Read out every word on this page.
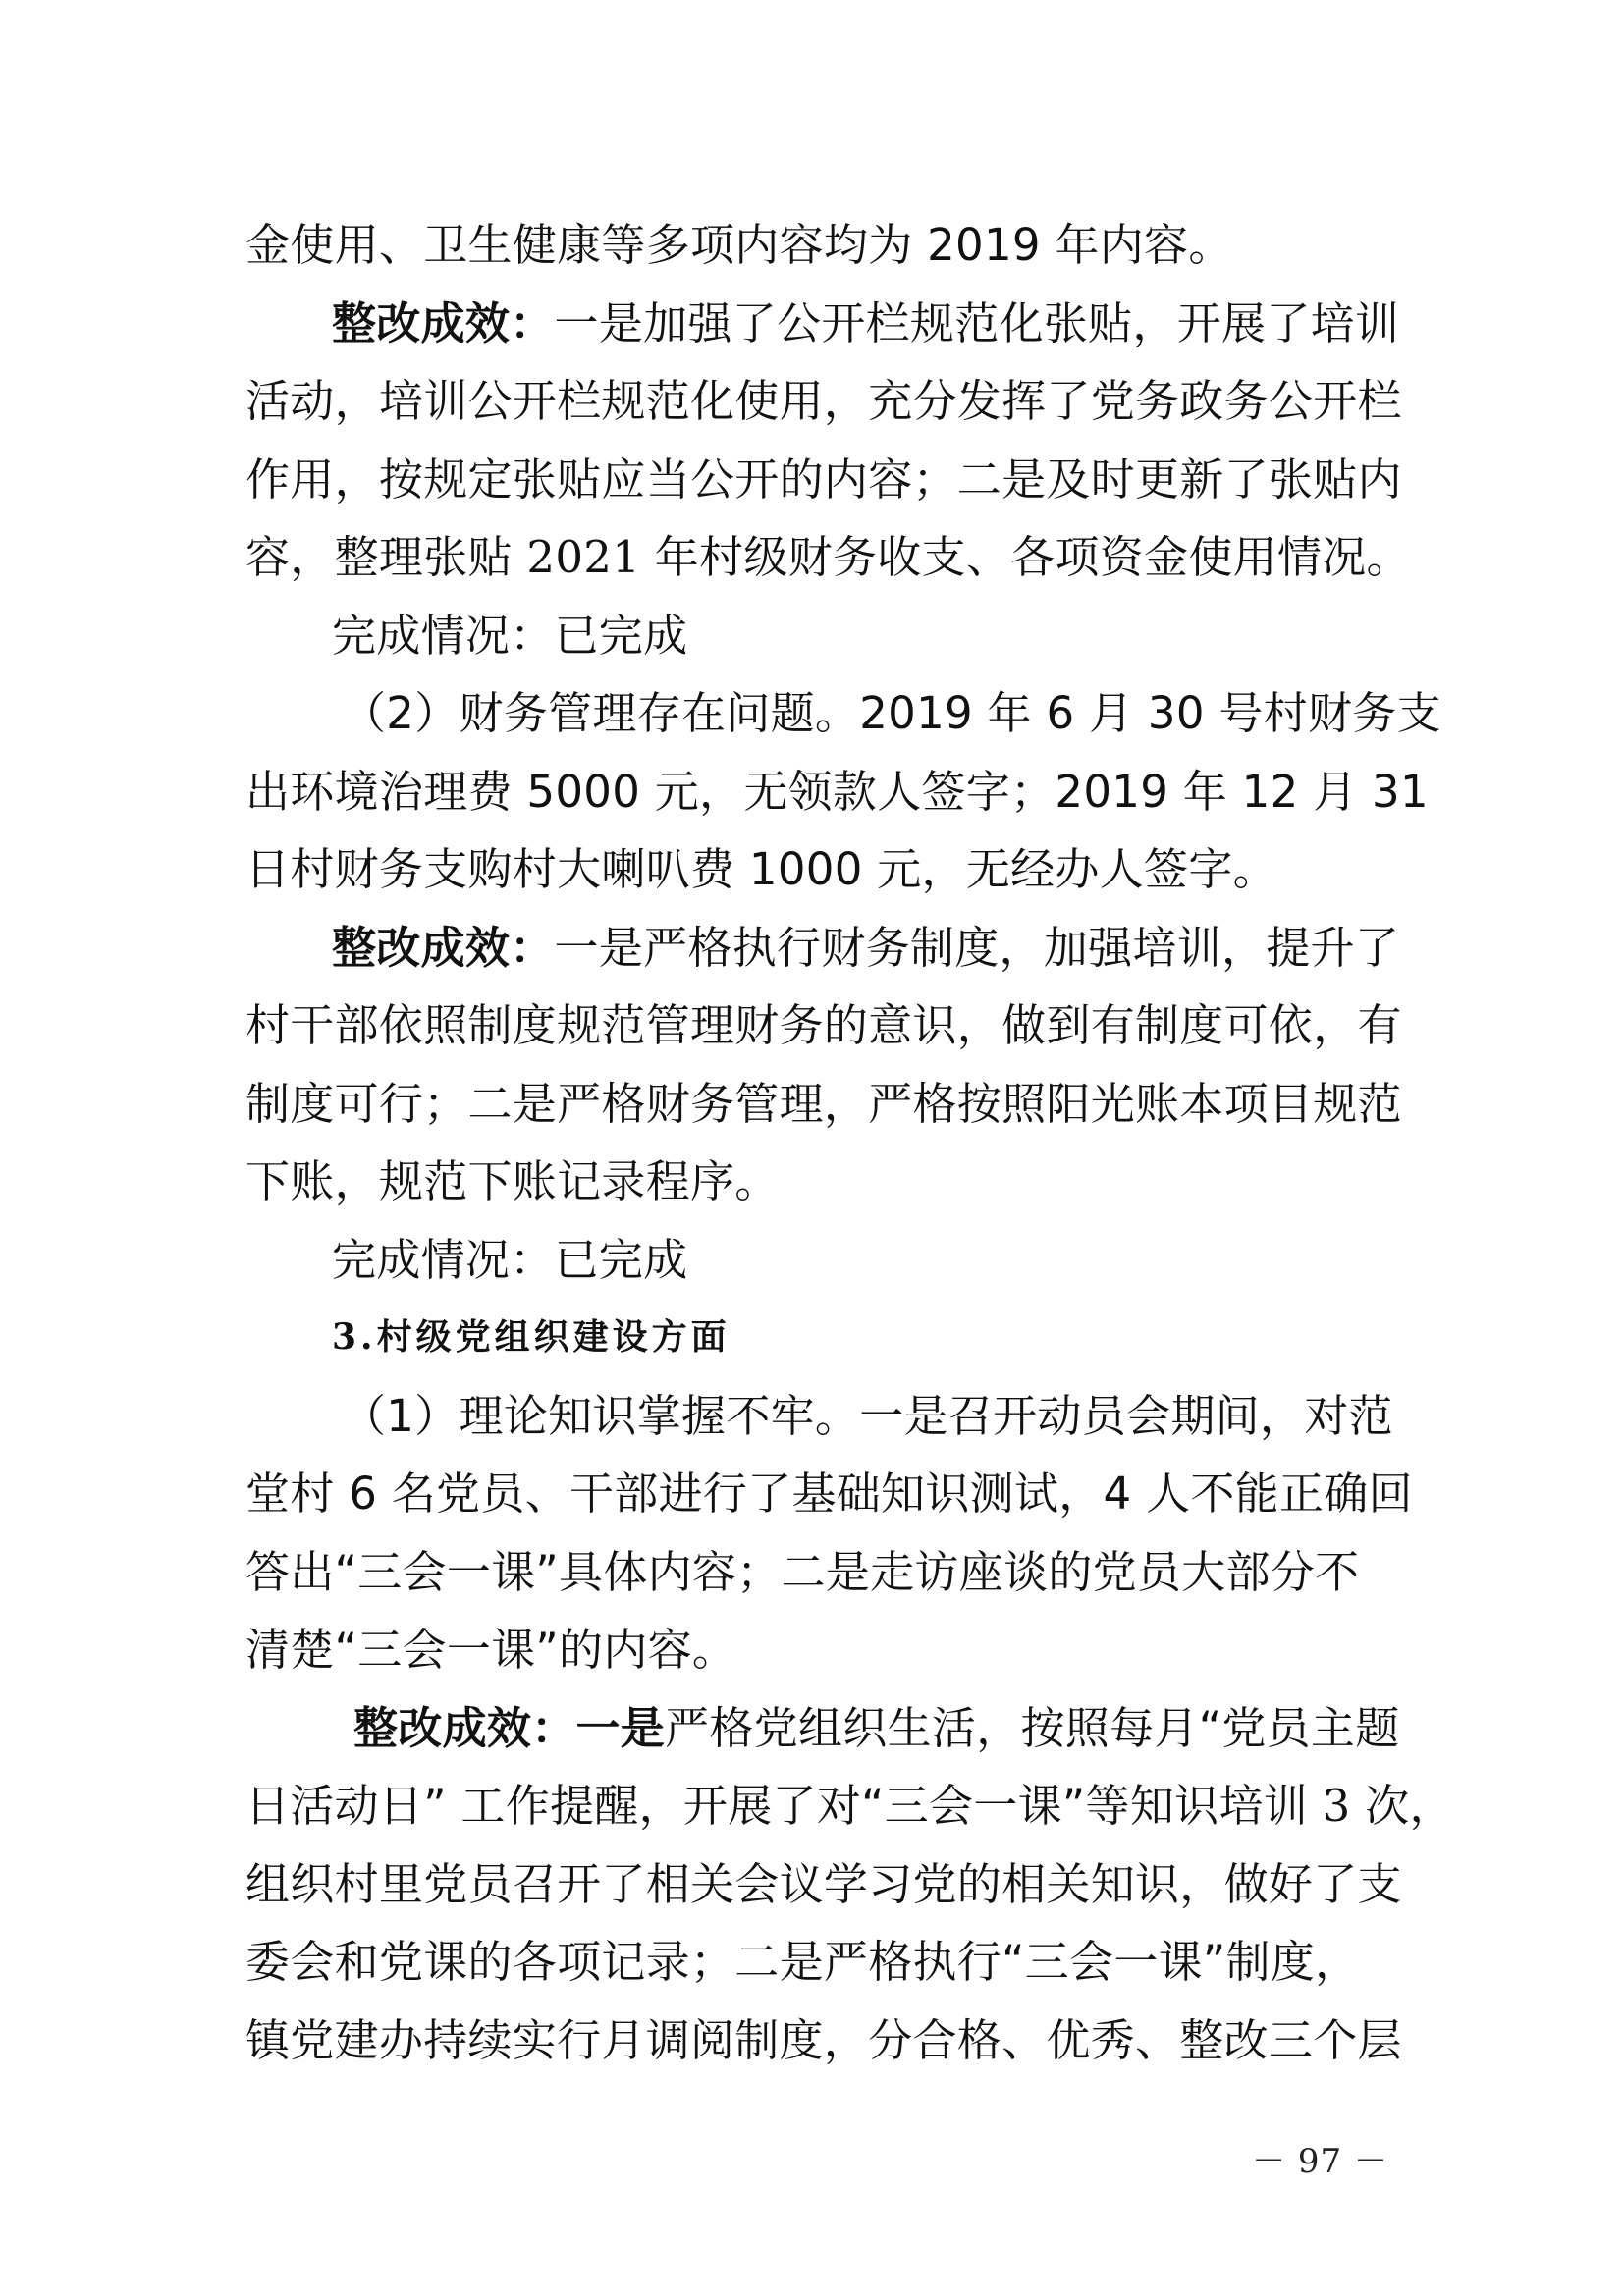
金使用、卫生健康等多项内容均为 2019 年内容。
整改成效：一是加强了公开栏规范化张贴，开展了培训
活动，培训公开栏规范化使用，充分发挥了党务政务公开栏
作用，按规定张贴应当公开的内容；二是及时更新了张贴内
容，整理张贴 2021 年村级财务收支、各项资金使用情况。
完成情况：已完成
（2）财务管理存在问题。2019 年 6 月 30 号村财务支
出环境治理费 5000 元，无领款人签字；2019 年 12 月 31
日村财务支购村大喇叭费 1000 元，无经办人签字。
整改成效：一是严格执行财务制度，加强培训，提升了
村干部依照制度规范管理财务的意识，做到有制度可依，有
制度可行；二是严格财务管理，严格按照阳光账本项目规范
下账，规范下账记录程序。
完成情况：已完成
3.村级党组织建设方面
（1）理论知识掌握不牢。一是召开动员会期间，对范
堂村 6 名党员、干部进行了基础知识测试，4 人不能正确回
答出“三会一课”具体内容；二是走访座谈的党员大部分不
清楚“三会一课”的内容。
整改成效：一是严格党组织生活，按照每月“党员主题
日活动日” 工作提醒，开展了对“三会一课”等知识培训 3 次，
组织村里党员召开了相关会议学习党的相关知识，做好了支
委会和党课的各项记录；二是严格执行“三会一课”制度，
镇党建办持续实行月调阅制度，分合格、优秀、整改三个层
－ 97 －
